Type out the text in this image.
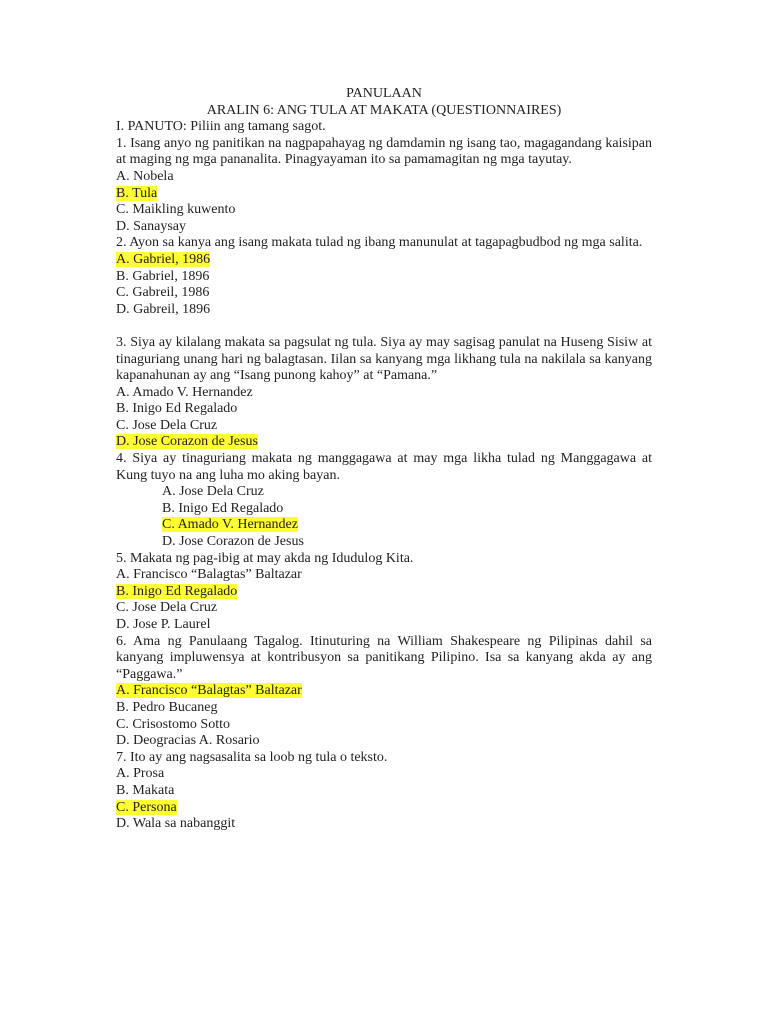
PANULAAN
ARALIN 6: ANG TULA AT MAKATA (QUESTIONNAIRES)
I. PANUTO: Piliin ang tamang sagot.
1. Isang anyo ng panitikan na nagpapahayag ng damdamin ng isang tao, magagandang kaisipan at maging ng mga pananalita. Pinagyayaman ito sa pamamagitan ng mga tayutay.
A. Nobela
B. Tula
C. Maikling kuwento
D. Sanaysay
2. Ayon sa kanya ang isang makata tulad ng ibang manunulat at tagapagbudbod ng mga salita.
A. Gabriel, 1986
B. Gabriel, 1896
C. Gabreil, 1986
D. Gabreil, 1896
3. Siya ay kilalang makata sa pagsulat ng tula. Siya ay may sagisag panulat na Huseng Sisiw at tinaguriang unang hari ng balagtasan. Iilan sa kanyang mga likhang tula na nakilala sa kanyang kapanahunan ay ang “Isang punong kahoy” at “Pamana.”
A. Amado V. Hernandez
B. Inigo Ed Regalado
C. Jose Dela Cruz
D. Jose Corazon de Jesus
4. Siya ay tinaguriang makata ng manggagawa at may mga likha tulad ng Manggagawa at Kung tuyo na ang luha mo aking bayan.
A. Jose Dela Cruz
B. Inigo Ed Regalado
C. Amado V. Hernandez
D. Jose Corazon de Jesus
5. Makata ng pag-ibig at may akda ng Idudulog Kita.
A. Francisco “Balagtas” Baltazar
B. Inigo Ed Regalado
C. Jose Dela Cruz
D. Jose P. Laurel
6. Ama ng Panulaang Tagalog. Itinuturing na William Shakespeare ng Pilipinas dahil sa kanyang impluwensya at kontribusyon sa panitikang Pilipino. Isa sa kanyang akda ay ang “Paggawa.”
A. Francisco “Balagtas” Baltazar
B. Pedro Bucaneg
C. Crisostomo Sotto
D. Deogracias A. Rosario
7. Ito ay ang nagsasalita sa loob ng tula o teksto.
A. Prosa
B. Makata
C. Persona
D. Wala sa nabanggit
